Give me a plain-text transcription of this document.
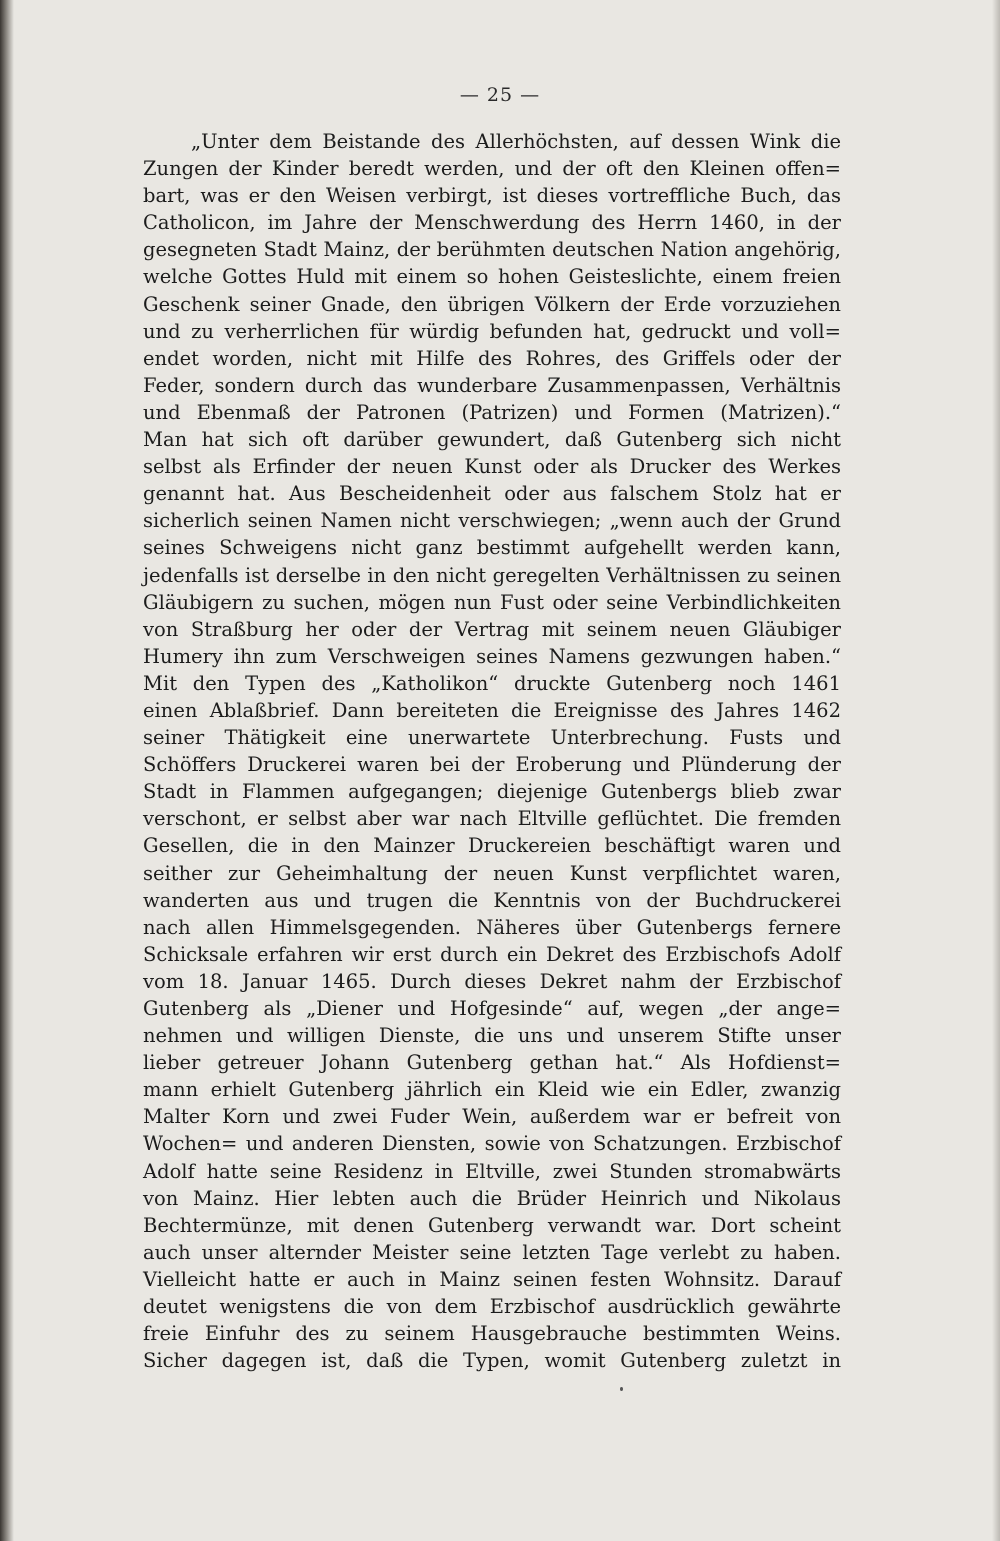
— 25 —
„Unter dem Beistande des Allerhöchsten, auf dessen Wink die
Zungen der Kinder beredt werden, und der oft den Kleinen offen=
bart, was er den Weisen verbirgt, ist dieses vortreffliche Buch, das
Catholicon, im Jahre der Menschwerdung des Herrn 1460, in der
gesegneten Stadt Mainz, der berühmten deutschen Nation angehörig,
welche Gottes Huld mit einem so hohen Geisteslichte, einem freien
Geschenk seiner Gnade, den übrigen Völkern der Erde vorzuziehen
und zu verherrlichen für würdig befunden hat, gedruckt und voll=
endet worden, nicht mit Hilfe des Rohres, des Griffels oder der
Feder, sondern durch das wunderbare Zusammenpassen, Verhältnis
und Ebenmaß der Patronen (Patrizen) und Formen (Matrizen).“
Man hat sich oft darüber gewundert, daß Gutenberg sich nicht
selbst als Erfinder der neuen Kunst oder als Drucker des Werkes
genannt hat. Aus Bescheidenheit oder aus falschem Stolz hat er
sicherlich seinen Namen nicht verschwiegen; „wenn auch der Grund
seines Schweigens nicht ganz bestimmt aufgehellt werden kann,
jedenfalls ist derselbe in den nicht geregelten Verhältnissen zu seinen
Gläubigern zu suchen, mögen nun Fust oder seine Verbindlichkeiten
von Straßburg her oder der Vertrag mit seinem neuen Gläubiger
Humery ihn zum Verschweigen seines Namens gezwungen haben.“
Mit den Typen des „Katholikon“ druckte Gutenberg noch 1461
einen Ablaßbrief. Dann bereiteten die Ereignisse des Jahres 1462
seiner Thätigkeit eine unerwartete Unterbrechung. Fusts und
Schöffers Druckerei waren bei der Eroberung und Plünderung der
Stadt in Flammen aufgegangen; diejenige Gutenbergs blieb zwar
verschont, er selbst aber war nach Eltville geflüchtet. Die fremden
Gesellen, die in den Mainzer Druckereien beschäftigt waren und
seither zur Geheimhaltung der neuen Kunst verpflichtet waren,
wanderten aus und trugen die Kenntnis von der Buchdruckerei
nach allen Himmelsgegenden. Näheres über Gutenbergs fernere
Schicksale erfahren wir erst durch ein Dekret des Erzbischofs Adolf
vom 18. Januar 1465. Durch dieses Dekret nahm der Erzbischof
Gutenberg als „Diener und Hofgesinde“ auf, wegen „der ange=
nehmen und willigen Dienste, die uns und unserem Stifte unser
lieber getreuer Johann Gutenberg gethan hat.“ Als Hofdienst=
mann erhielt Gutenberg jährlich ein Kleid wie ein Edler, zwanzig
Malter Korn und zwei Fuder Wein, außerdem war er befreit von
Wochen= und anderen Diensten, sowie von Schatzungen. Erzbischof
Adolf hatte seine Residenz in Eltville, zwei Stunden stromabwärts
von Mainz. Hier lebten auch die Brüder Heinrich und Nikolaus
Bechtermünze, mit denen Gutenberg verwandt war. Dort scheint
auch unser alternder Meister seine letzten Tage verlebt zu haben.
Vielleicht hatte er auch in Mainz seinen festen Wohnsitz. Darauf
deutet wenigstens die von dem Erzbischof ausdrücklich gewährte
freie Einfuhr des zu seinem Hausgebrauche bestimmten Weins.
Sicher dagegen ist, daß die Typen, womit Gutenberg zuletzt in
